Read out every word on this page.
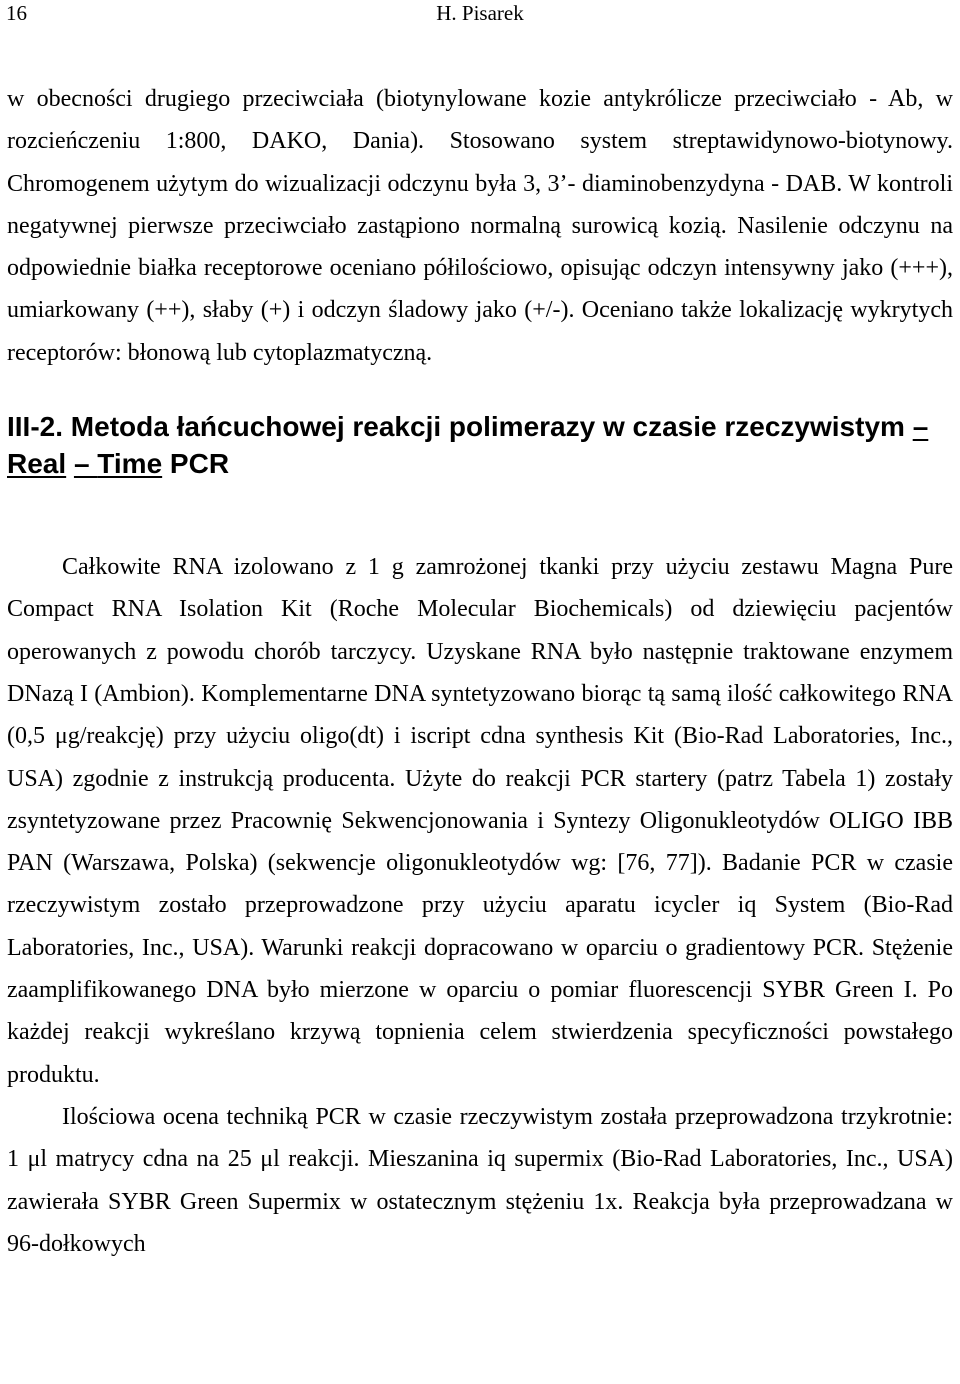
16	H. Pisarek

w obecności drugiego przeciwciała (biotynylowane kozie antykrólicze przeciwciało - Ab, w rozcieńczeniu 1:800, DAKO, Dania). Stosowano system streptawidynowo-biotynowy. Chromogenem użytym do wizualizacji odczynu była 3, 3’- diaminobenzydyna - DAB. W kontroli negatywnej pierwsze przeciwciało zastąpiono normalną surowicą kozią. Nasilenie odczynu na odpowiednie białka receptorowe oceniano półilościowo, opisując odczyn intensywny jako (+++), umiarkowany (++), słaby (+) i odczyn śladowy jako (+/-). Oceniano także lokalizację wykrytych receptorów: błonową lub cytoplazmatyczną.

III-2. Metoda łańcuchowej reakcji polimerazy w czasie rzeczywistym – Real – Time PCR

Całkowite RNA izolowano z 1 g zamrożonej tkanki przy użyciu zestawu Magna Pure Compact RNA Isolation Kit (Roche Molecular Biochemicals) od dziewięciu pacjentów operowanych z powodu chorób tarczycy. Uzyskane RNA było następnie traktowane enzymem DNazą I (Ambion). Komplementarne DNA syntetyzowano biorąc tą samą ilość całkowitego RNA (0,5 μg/reakcję) przy użyciu oligo(dt) i iscript cdna synthesis Kit (Bio-Rad Laboratories, Inc., USA) zgodnie z instrukcją producenta. Użyte do reakcji PCR startery (patrz Tabela 1) zostały zsyntetyzowane przez Pracownię Sekwencjonowania i Syntezy Oligonukleotydów OLIGO IBB PAN (Warszawa, Polska) (sekwencje oligonukleotydów wg: [76, 77]). Badanie PCR w czasie rzeczywistym zostało przeprowadzone przy użyciu aparatu icycler iq System (Bio-Rad Laboratories, Inc., USA). Warunki reakcji dopracowano w oparciu o gradientowy PCR. Stężenie zaamplifikowanego DNA było mierzone w oparciu o pomiar fluorescencji SYBR Green I. Po każdej reakcji wykreślano krzywą topnienia celem stwierdzenia specyficzności powstałego produktu.

Ilościowa ocena techniką PCR w czasie rzeczywistym została przeprowadzona trzykrotnie: 1 μl matrycy cdna na 25 μl reakcji. Mieszanina iq supermix (Bio-Rad Laboratories, Inc., USA) zawierała SYBR Green Supermix w ostatecznym stężeniu 1x. Reakcja była przeprowadzana w 96-dołkowych
